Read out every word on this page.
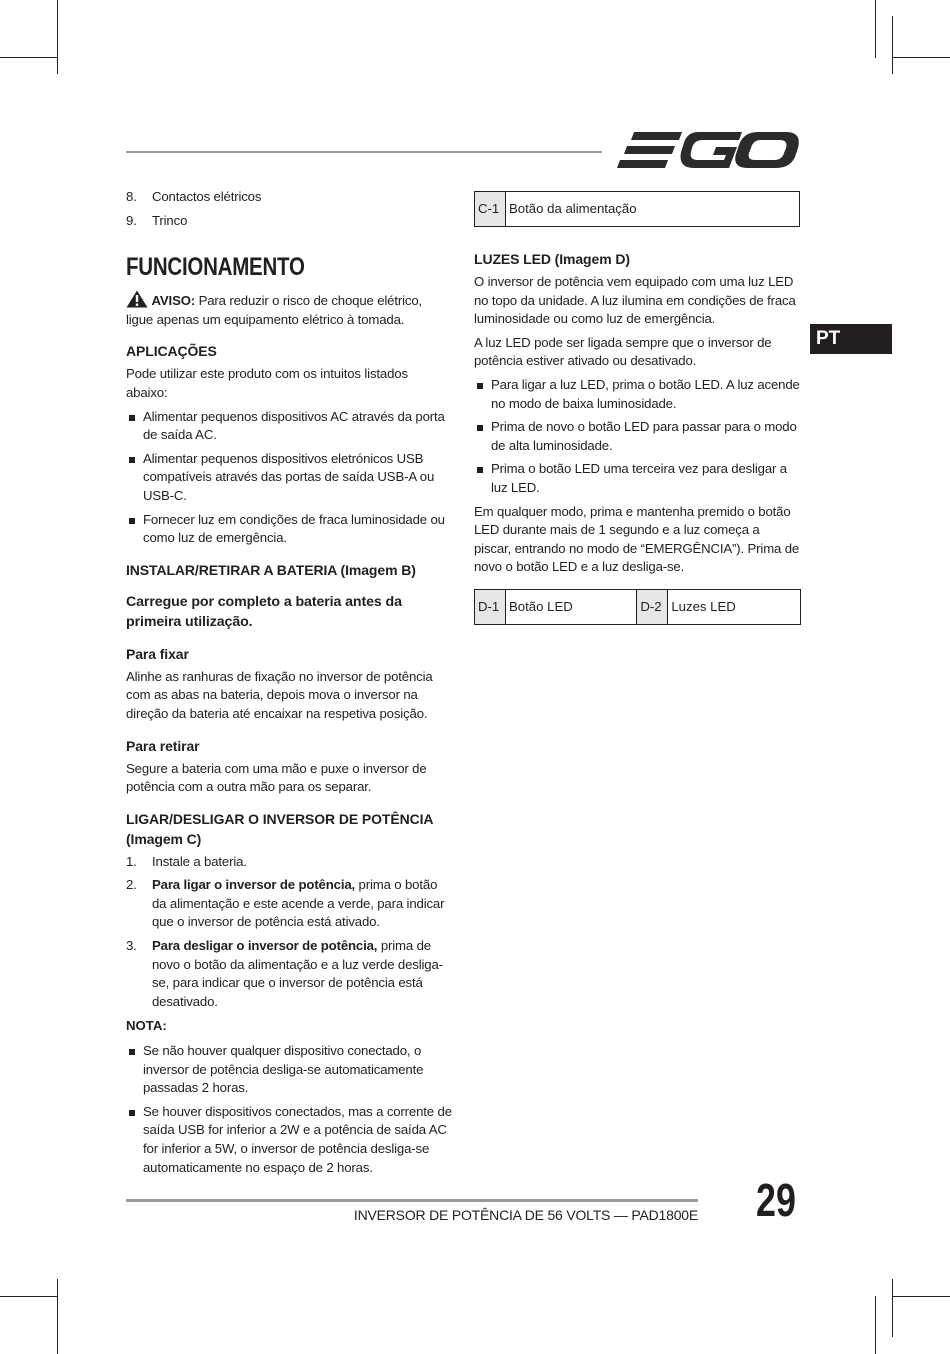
PT
8. Contactos elétricos
9. Trinco
FUNCIONAMENTO

AVISO: Para reduzir o risco de choque elétrico, ligue apenas um equipamento elétrico à tomada.

APLICAÇÕES

Pode utilizar este produto com os intuitos listados abaixo:

Alimentar pequenos dispositivos AC através da porta de saída AC.
Alimentar pequenos dispositivos eletrónicos USB compatíveis através das portas de saída USB-A ou USB-C.
Fornecer luz em condições de fraca luminosidade ou como luz de emergência.
INSTALAR/RETIRAR A BATERIA (Imagem B)
Carregue por completo a bateria antes da primeira utilização.
Para fixar

Alinhe as ranhuras de fixação no inversor de potência com as abas na bateria, depois mova o inversor na direção da bateria até encaixar na respetiva posição.

Para retirar

Segure a bateria com uma mão e puxe o inversor de potência com a outra mão para os separar.

LIGAR/DESLIGAR O INVERSOR DE POTÊNCIA (Imagem C)
1. Instale a bateria.
2. Para ligar o inversor de potência, prima o botão da alimentação e este acende a verde, para indicar que o inversor de potência está ativado.
3. Para desligar o inversor de potência, prima de novo o botão da alimentação e a luz verde desliga-se, para indicar que o inversor de potência está desativado.
NOTA:
Se não houver qualquer dispositivo conectado, o inversor de potência desliga-se automaticamente passadas 2 horas.
Se houver dispositivos conectados, mas a corrente de saída USB for inferior a 2W e a potência de saída AC for inferior a 5W, o inversor de potência desliga-se automaticamente no espaço de 2 horas.
C-1	Botão da alimentação
LUZES LED (Imagem D)

O inversor de potência vem equipado com uma luz LED no topo da unidade. A luz ilumina em condições de fraca luminosidade ou como luz de emergência.

A luz LED pode ser ligada sempre que o inversor de potência estiver ativado ou desativado.

Para ligar a luz LED, prima o botão LED. A luz acende no modo de baixa luminosidade.
Prima de novo o botão LED para passar para o modo de alta luminosidade.
Prima o botão LED uma terceira vez para desligar a luz LED.

Em qualquer modo, prima e mantenha premido o botão LED durante mais de 1 segundo e a luz começa a piscar, entrando no modo de “EMERGÊNCIA”). Prima de novo o botão LED e a luz desliga-se.

D-1	Botão LED	D-2	Luzes LED
INVERSOR DE POTÊNCIA DE 56 VOLTS — PAD1800E 29
